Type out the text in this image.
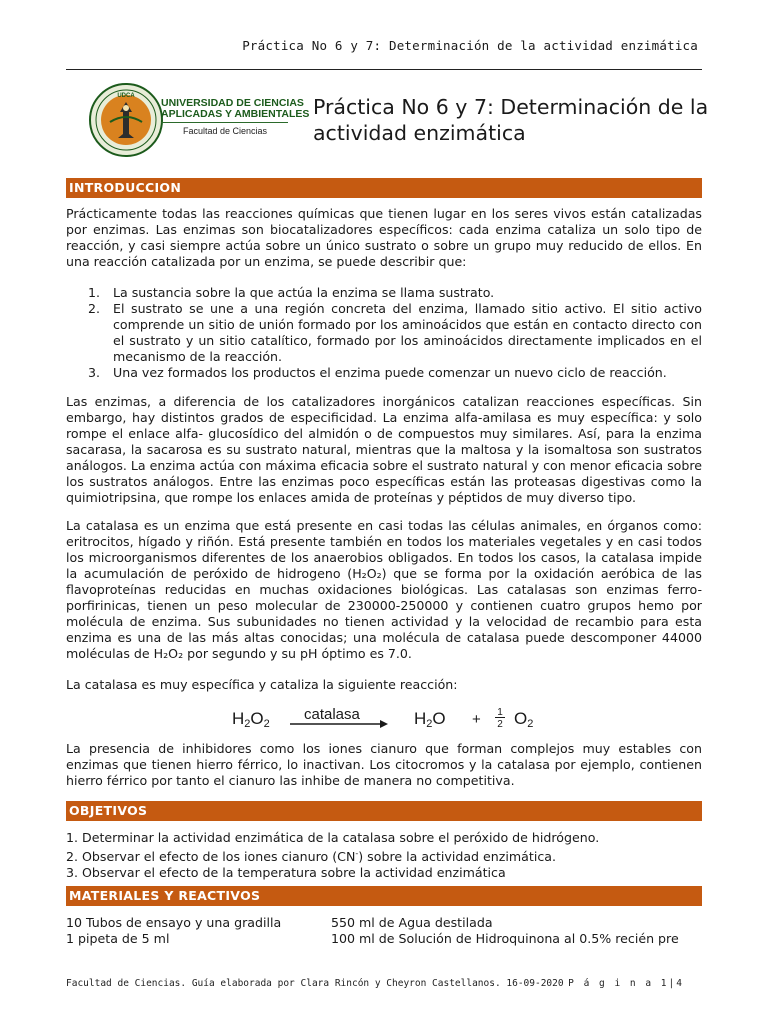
Práctica No 6 y 7: Determinación de la actividad enzimática
UDCA
UNIVERSIDAD DE CIENCIAS
APLICADAS Y AMBIENTALES
Facultad de Ciencias
Práctica No 6 y 7: Determinación de la
actividad enzimática
INTRODUCCION

Prácticamente todas las reacciones químicas que tienen lugar en los seres vivos están catalizadas por enzimas. Las enzimas son biocatalizadores específicos: cada enzima cataliza un solo tipo de reacción, y casi siempre actúa sobre un único sustrato o sobre un grupo muy reducido de ellos. En una reacción catalizada por un enzima, se puede describir que:

1. La sustancia sobre la que actúa la enzima se llama sustrato.
2. El sustrato se une a una región concreta del enzima, llamado sitio activo. El sitio activo comprende un sitio de unión formado por los aminoácidos que están en contacto directo con el sustrato y un sitio catalítico, formado por los aminoácidos directamente implicados en el mecanismo de la reacción.
3. Una vez formados los productos el enzima puede comenzar un nuevo ciclo de reacción.

Las enzimas, a diferencia de los catalizadores inorgánicos catalizan reacciones específicas. Sin embargo, hay distintos grados de especificidad. La enzima alfa-amilasa es muy específica: y solo rompe el enlace alfa- glucosídico del almidón o de compuestos muy similares. Así, para la enzima sacarasa, la sacarosa es su sustrato natural, mientras que la maltosa y la isomaltosa son sustratos análogos. La enzima actúa con máxima eficacia sobre el sustrato natural y con menor eficacia sobre los sustratos análogos. Entre las enzimas poco específicas están las proteasas digestivas como la quimiotripsina, que rompe los enlaces amida de proteínas y péptidos de muy diverso tipo.

La catalasa es un enzima que está presente en casi todas las células animales, en órganos como: eritrocitos, hígado y riñón. Está presente también en todos los materiales vegetales y en casi todos los microorganismos diferentes de los anaerobios obligados. En todos los casos, la catalasa impide la acumulación de peróxido de hidrogeno (H₂O₂) que se forma por la oxidación aeróbica de las flavoproteínas reducidas en muchas oxidaciones biológicas. Las catalasas son enzimas ferro-porfirinicas, tienen un peso molecular de 230000-250000 y contienen cuatro grupos hemo por molécula de enzima. Sus subunidades no tienen actividad y la velocidad de recambio para esta enzima es una de las más altas conocidas; una molécula de catalasa puede descomponer 44000 moléculas de H₂O₂ por segundo y su pH óptimo es 7.0.

La catalasa es muy específica y cataliza la siguiente reacción:

H2O2
catalasa	H2O + 1
2 O2

La presencia de inhibidores como los iones cianuro que forman complejos muy estables con enzimas que tienen hierro férrico, lo inactivan. Los citocromos y la catalasa por ejemplo, contienen hierro férrico por tanto el cianuro las inhibe de manera no competitiva.

OBJETIVOS
1. Determinar la actividad enzimática de la catalasa sobre el peróxido de hidrógeno.
2. Observar el efecto de los iones cianuro (CN-) sobre la actividad enzimática.
3. Observar el efecto de la temperatura sobre la actividad enzimática
MATERIALES Y REACTIVOS
10 Tubos de ensayo y una gradilla
1 pipeta de 5 ml
550 ml de Agua destilada
100 ml de Solución de Hidroquinona al 0.5% recién pre
Facultad de Ciencias. Guía elaborada por Clara Rincón y Cheyron Castellanos. 16-09-2020 P á g i n a 1|4
